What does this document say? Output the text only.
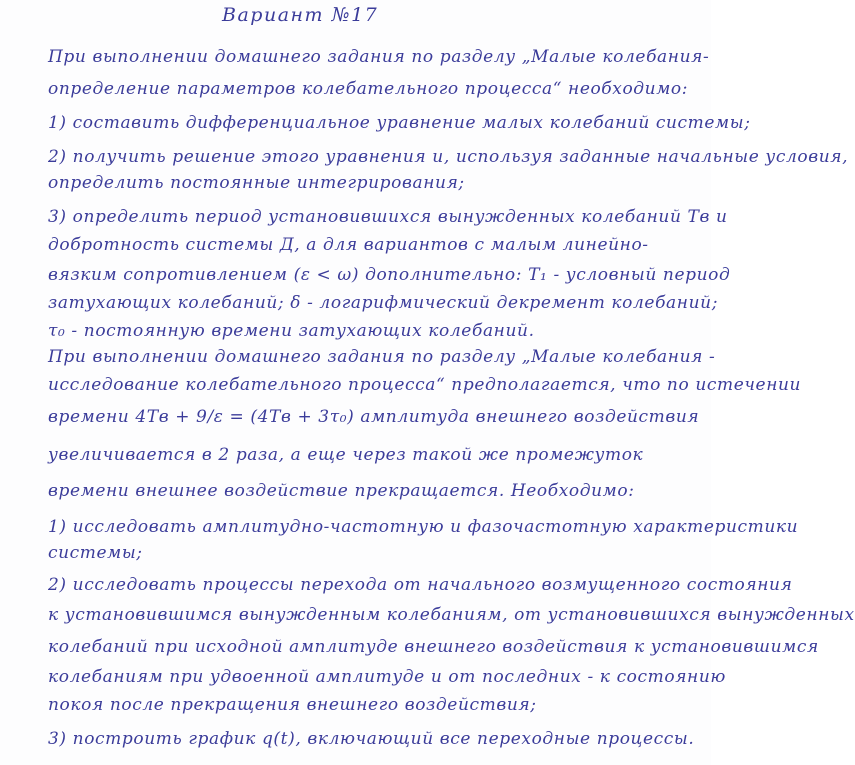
Вариант №17
При выполнении домашнего задания по разделу „Малые колебания-
определение параметров колебательного процесса“ необходимо:
1) составить дифференциальное уравнение малых колебаний системы;
2) получить решение этого уравнения и, используя заданные начальные условия,
определить постоянные интегрирования;
3) определить период установившихся вынужденных колебаний Tв и
добротность системы Д, а для вариантов с малым линейно-
вязким сопротивлением (ε < ω) дополнительно: T₁ - условный период
затухающих колебаний; δ - логарифмический декремент колебаний;
τ₀ - постоянную времени затухающих колебаний.
При выполнении домашнего задания по разделу „Малые колебания -
исследование колебательного процесса“ предполагается, что по истечении
времени 4Tв + 9/ε = (4Tв + 3τ₀) амплитуда внешнего воздействия
увеличивается в 2 раза, а еще через такой же промежуток
времени внешнее воздействие прекращается. Необходимо:
1) исследовать амплитудно-частотную и фазочастотную характеристики
системы;
2) исследовать процессы перехода от начального возмущенного состояния
к установившимся вынужденным колебаниям, от установившихся вынужденных
колебаний при исходной амплитуде внешнего воздействия к установившимся
колебаниям при удвоенной амплитуде и от последних - к состоянию
покоя после прекращения внешнего воздействия;
3) построить график q(t), включающий все переходные процессы.
